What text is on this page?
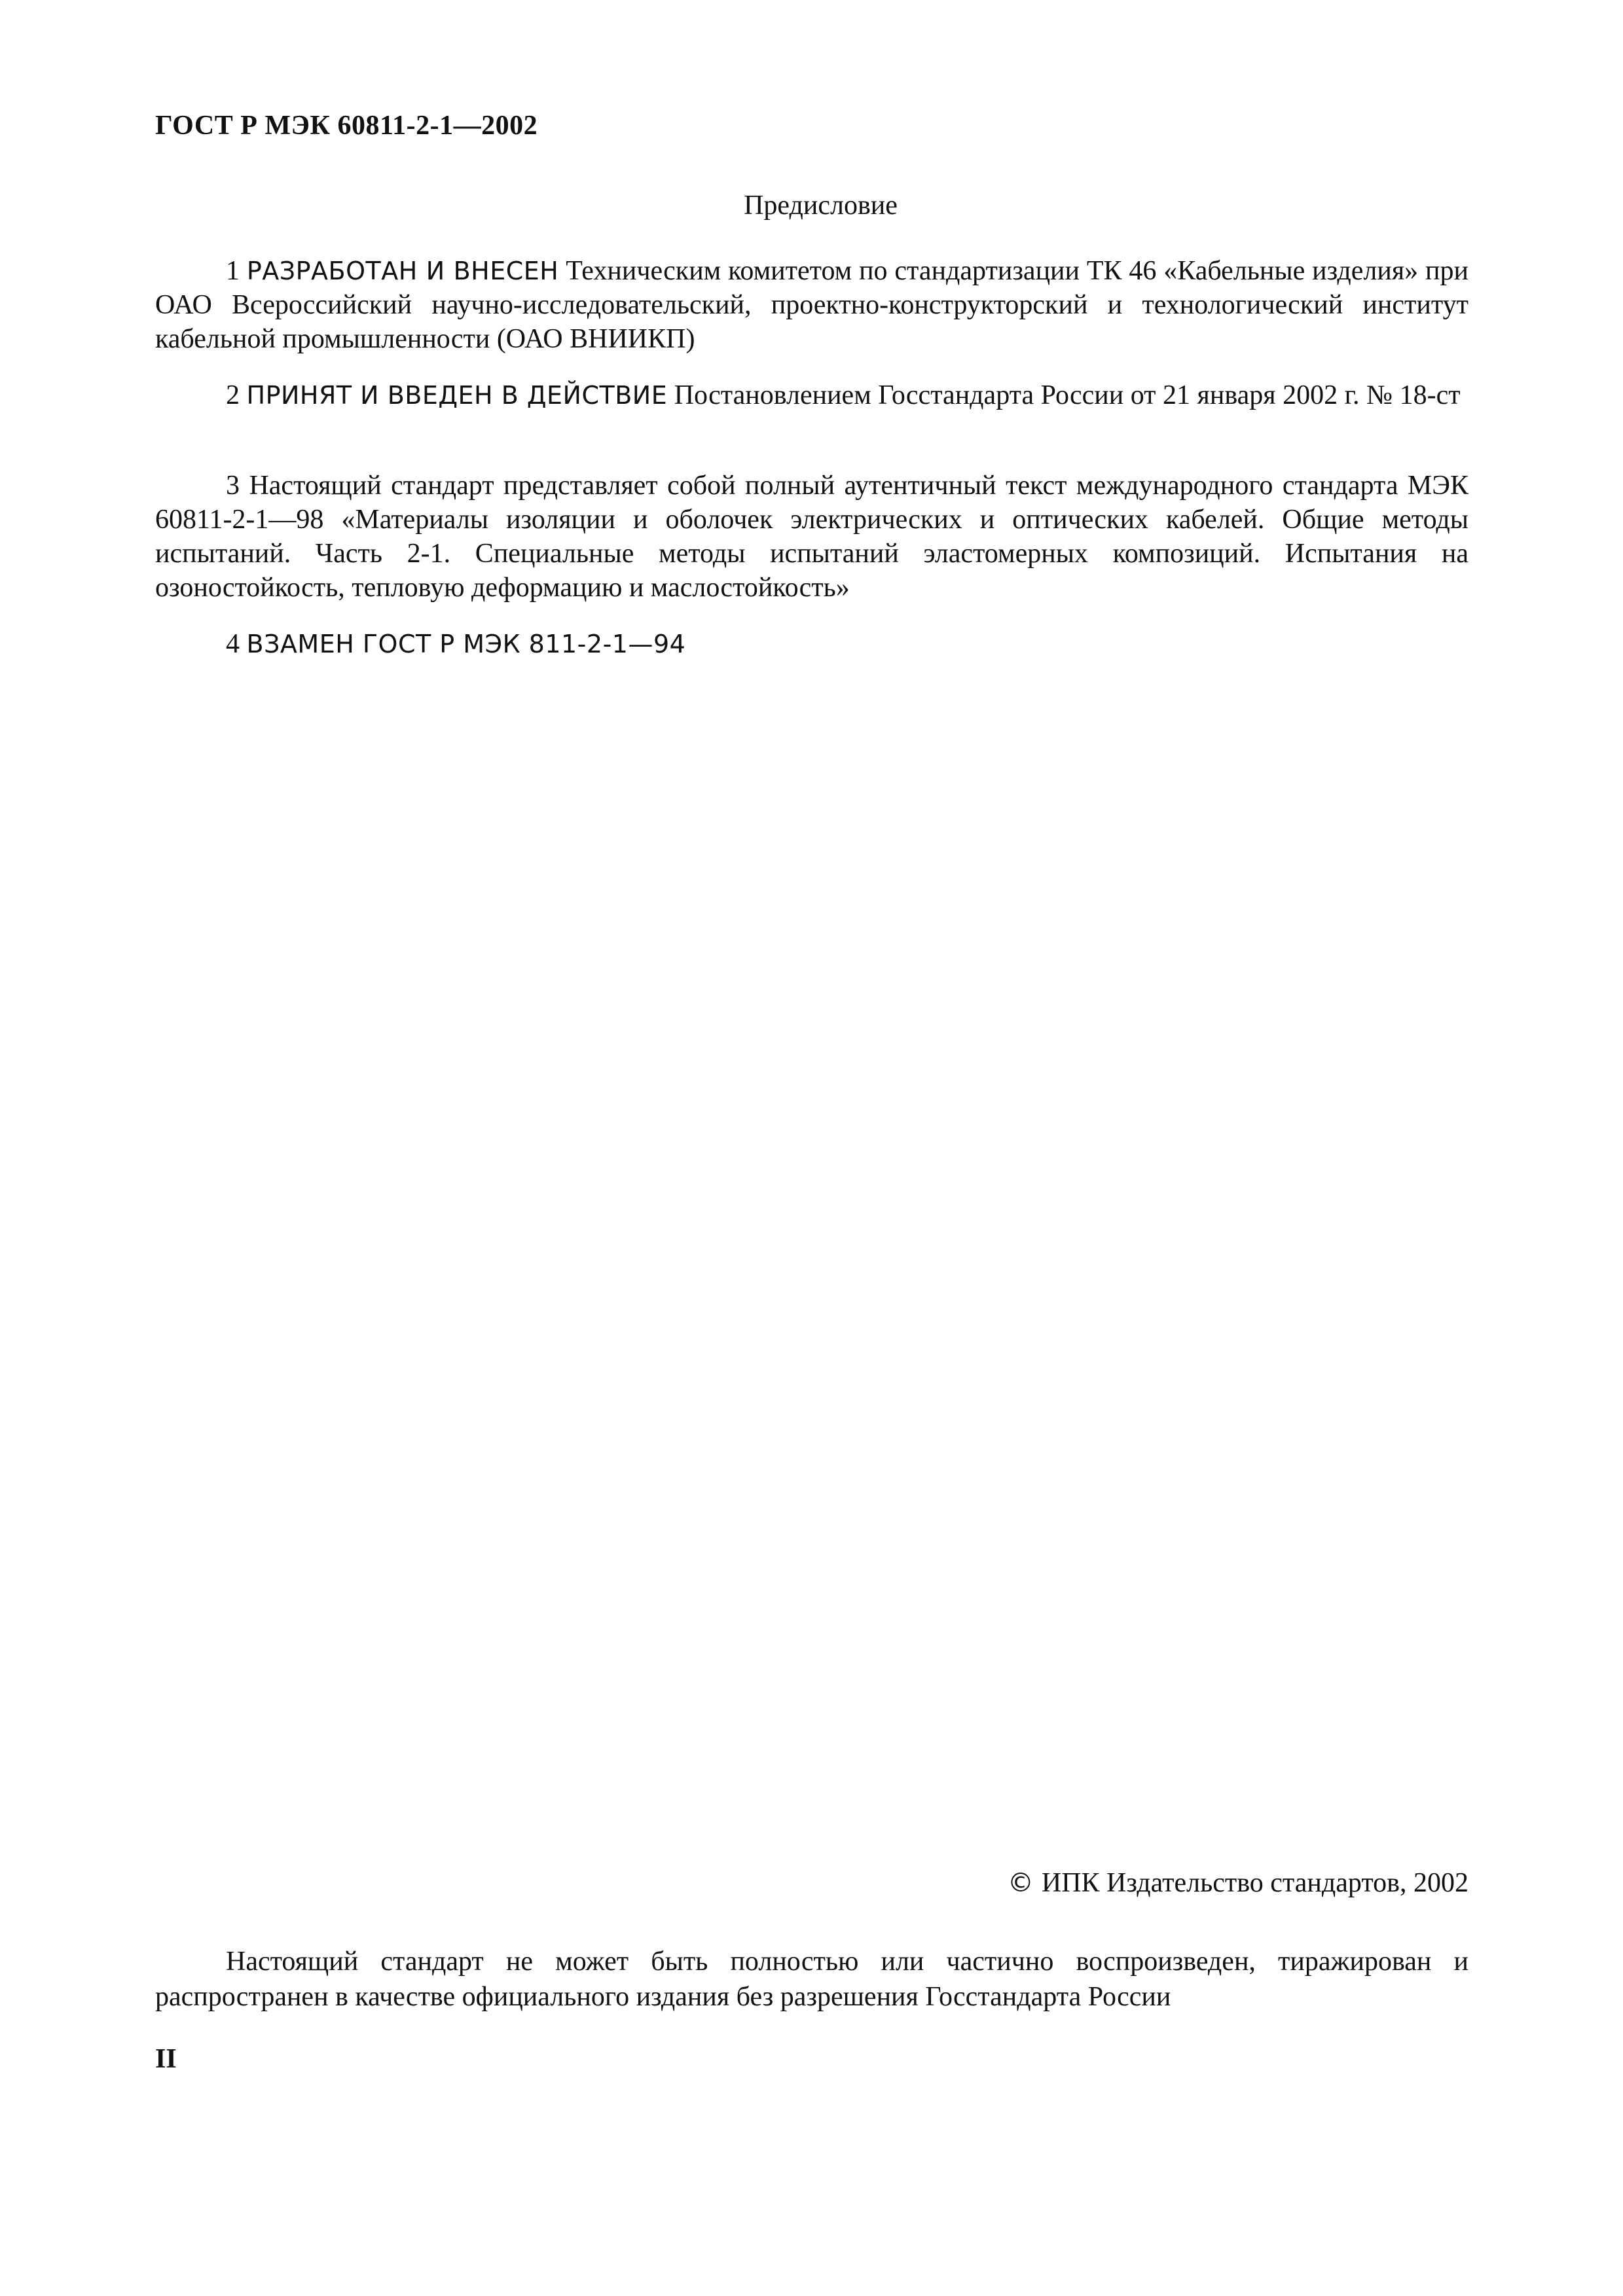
ГОСТ Р МЭК 60811-2-1—2002
Предисловие

1 РАЗРАБОТАН И ВНЕСЕН Техническим комитетом по стандартизации ТК 46 «Кабельные изделия» при ОАО Всероссийский научно-исследовательский, проектно-конструкторский и технологический институт кабельной промышленности (ОАО ВНИИКП)

2 ПРИНЯТ И ВВЕДЕН В ДЕЙСТВИЕ Постановлением Госстандарта России от 21 января 2002 г. № 18-ст

3 Настоящий стандарт представляет собой полный аутентичный текст международного стандарта МЭК 60811-2-1—98 «Материалы изоляции и оболочек электрических и оптических кабелей. Общие методы испытаний. Часть 2-1. Специальные методы испытаний эластомерных композиций. Испытания на озоностойкость, тепловую деформацию и маслостойкость»

4 ВЗАМЕН ГОСТ Р МЭК 811-2-1—94

© ИПК Издательство стандартов, 2002

Настоящий стандарт не может быть полностью или частично воспроизведен, тиражирован и распространен в качестве официального издания без разрешения Госстандарта России

II
